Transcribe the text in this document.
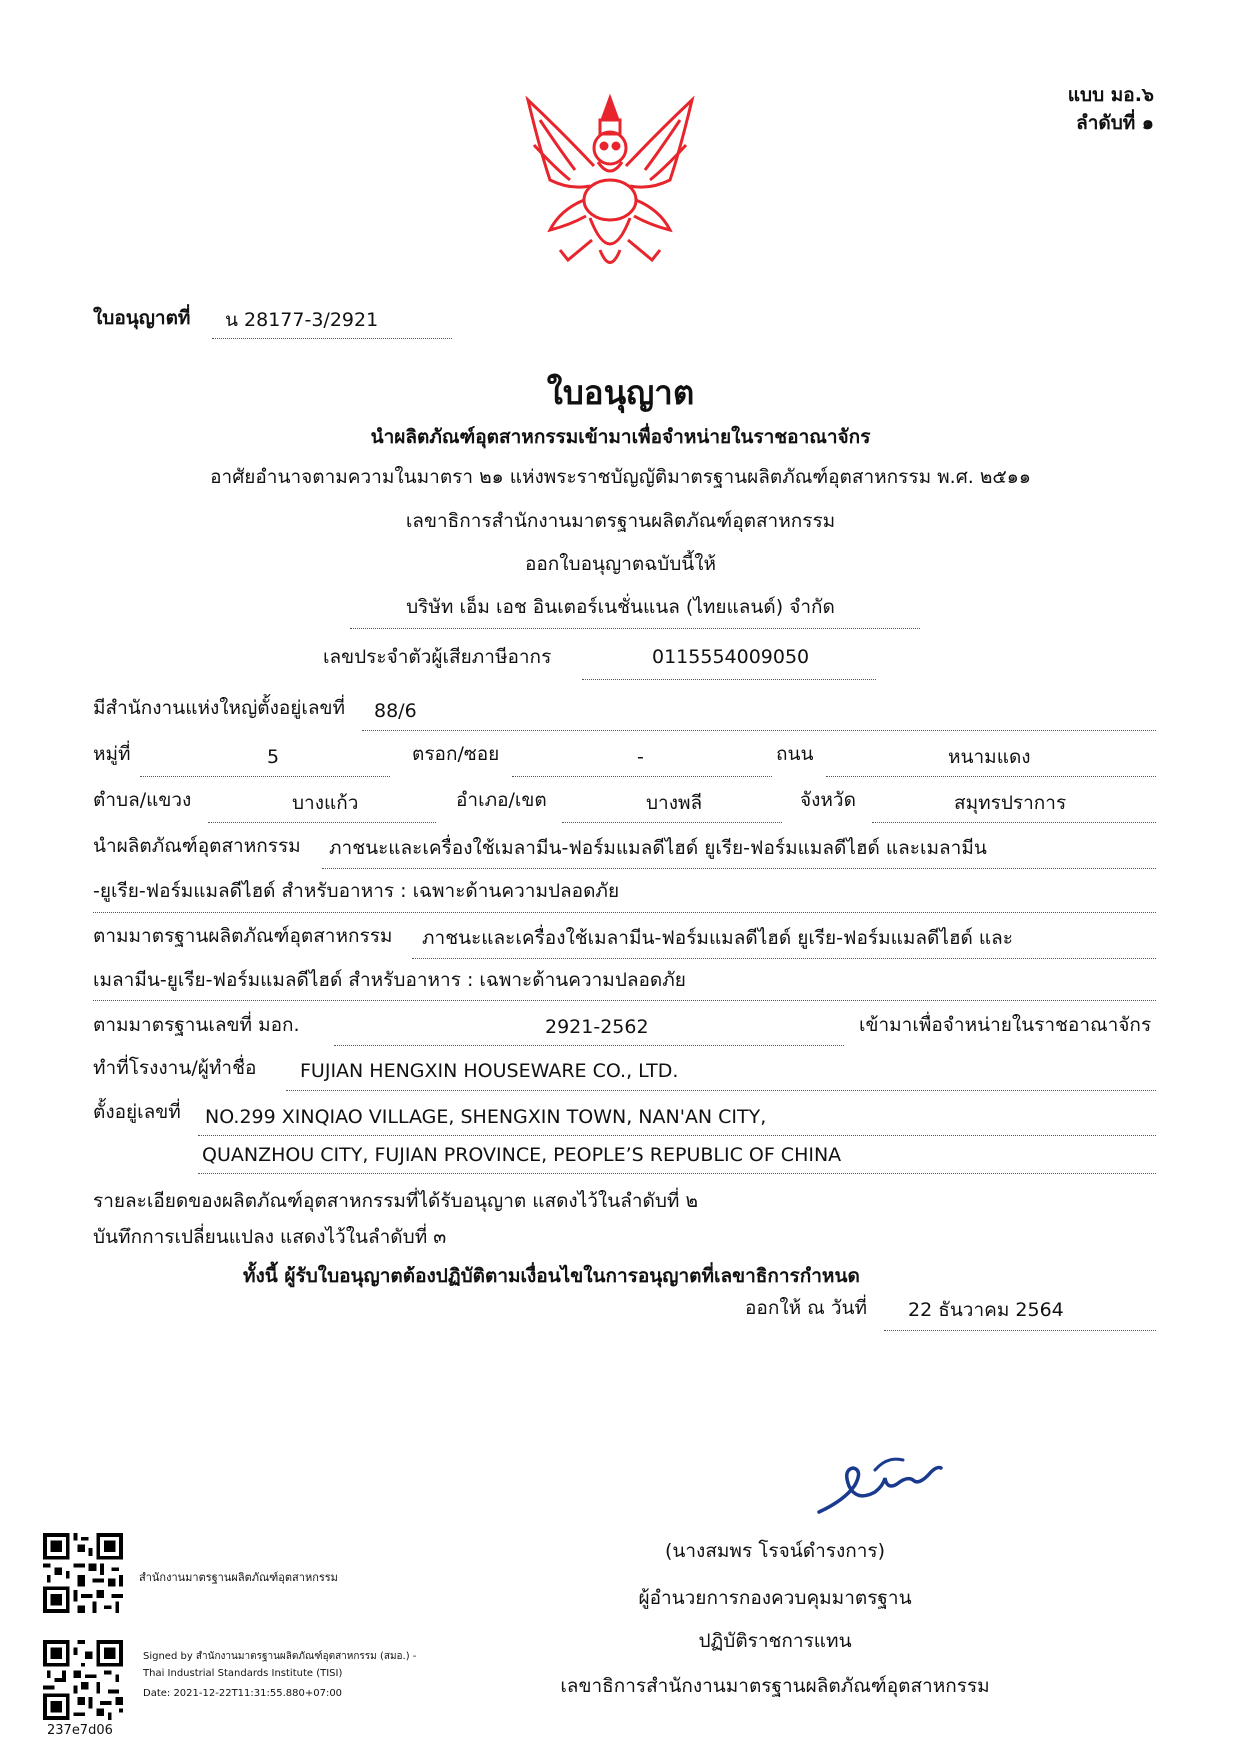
แบบ มอ.๖
ลำดับที่ ๑
ใบอนุญาตที่ น 28177-3/2921
ใบอนุญาต
นำผลิตภัณฑ์อุตสาหกรรมเข้ามาเพื่อจำหน่ายในราชอาณาจักร
อาศัยอำนาจตามความในมาตรา ๒๑ แห่งพระราชบัญญัติมาตรฐานผลิตภัณฑ์อุตสาหกรรม พ.ศ. ๒๕๑๑
เลขาธิการสำนักงานมาตรฐานผลิตภัณฑ์อุตสาหกรรม
ออกใบอนุญาตฉบับนี้ให้
บริษัท เอ็ม เอช อินเตอร์เนชั่นแนล (ไทยแลนด์) จำกัด
เลขประจำตัวผู้เสียภาษีอากร	0115554009050
มีสำนักงานแห่งใหญ่ตั้งอยู่เลขที่ 88/6
หมู่ที่	5	ตรอก/ซอย	-	ถนน	หนามแดง
ตำบล/แขวง	บางแก้ว	อำเภอ/เขต	บางพลี	จังหวัด	สมุทรปราการ
นำผลิตภัณฑ์อุตสาหกรรม ภาชนะและเครื่องใช้เมลามีน-ฟอร์มแมลดีไฮด์ ยูเรีย-ฟอร์มแมลดีไฮด์ และเมลามีน
-ยูเรีย-ฟอร์มแมลดีไฮด์ สำหรับอาหาร : เฉพาะด้านความปลอดภัย
ตามมาตรฐานผลิตภัณฑ์อุตสาหกรรม ภาชนะและเครื่องใช้เมลามีน-ฟอร์มแมลดีไฮด์ ยูเรีย-ฟอร์มแมลดีไฮด์ และ
เมลามีน-ยูเรีย-ฟอร์มแมลดีไฮด์ สำหรับอาหาร : เฉพาะด้านความปลอดภัย
ตามมาตรฐานเลขที่ มอก.	2921-2562	เข้ามาเพื่อจำหน่ายในราชอาณาจักร
ทำที่โรงงาน/ผู้ทำชื่อ FUJIAN HENGXIN HOUSEWARE CO., LTD.
ตั้งอยู่เลขที่ NO.299 XINQIAO VILLAGE, SHENGXIN TOWN, NAN'AN CITY,
QUANZHOU CITY, FUJIAN PROVINCE, PEOPLE’S REPUBLIC OF CHINA
รายละเอียดของผลิตภัณฑ์อุตสาหกรรมที่ได้รับอนุญาต แสดงไว้ในลำดับที่ ๒
บันทึกการเปลี่ยนแปลง แสดงไว้ในลำดับที่ ๓
ทั้งนี้ ผู้รับใบอนุญาตต้องปฏิบัติตามเงื่อนไขในการอนุญาตที่เลขาธิการกำหนด
ออกให้ ณ วันที่ 22 ธันวาคม 2564
(นางสมพร โรจน์ดำรงการ)
ผู้อำนวยการกองควบคุมมาตรฐาน
ปฏิบัติราชการแทน
เลขาธิการสำนักงานมาตรฐานผลิตภัณฑ์อุตสาหกรรม
สำนักงานมาตรฐานผลิตภัณฑ์อุตสาหกรรม
Signed by สำนักงานมาตรฐานผลิตภัณฑ์อุตสาหกรรม (สมอ.) -
Thai Industrial Standards Institute (TISI)
Date: 2021-12-22T11:31:55.880+07:00
237e7d06
